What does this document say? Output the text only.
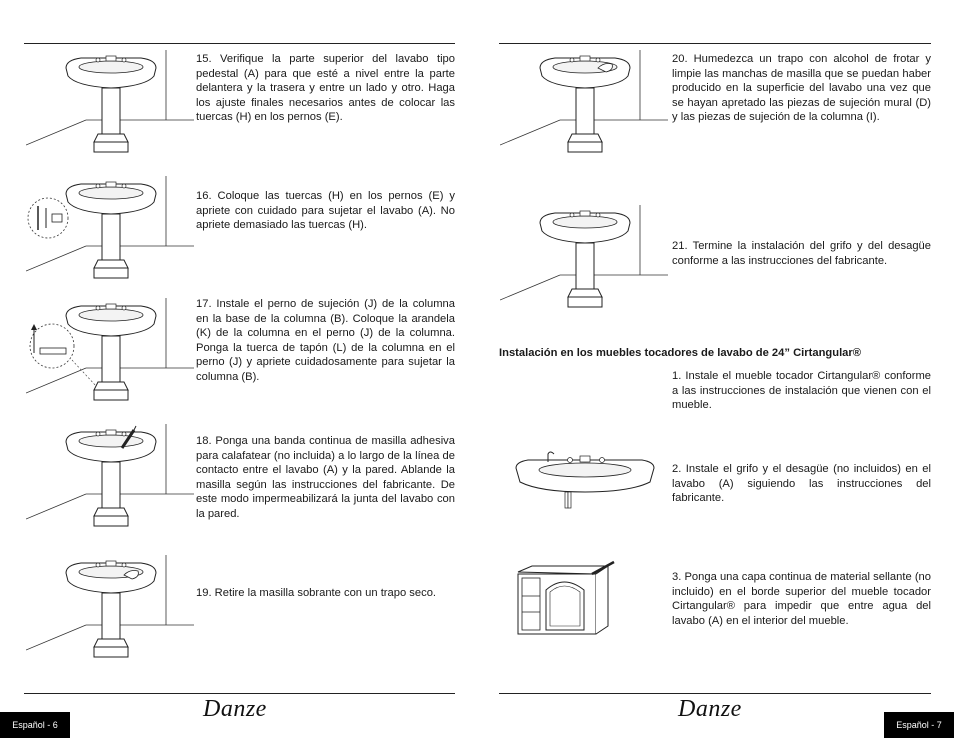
15. Verifique la parte superior del lavabo tipo pedestal (A) para que esté a nivel entre la parte delantera y la trasera y entre un lado y otro. Haga los ajuste finales necesarios antes de colocar las tuercas (H) en los pernos (E).
16. Coloque las tuercas (H) en los pernos (E) y apriete con cuidado para sujetar el lavabo (A). No apriete demasiado las tuercas (H).
17. Instale el perno de sujeción (J) de la columna en la base de la columna (B). Coloque la arandela (K) de la columna en el perno (J) de la columna. Ponga la tuerca de tapón (L) de la columna en el perno (J) y apriete cuidadosamente para sujetar la columna (B).
18. Ponga una banda continua de masilla adhesiva para calafatear (no incluida) a lo largo de la línea de contacto entre el lavabo (A) y la pared. Ablande la masilla según las instrucciones del fabricante. De este modo impermeabilizará la junta del lavabo con la pared.
19. Retire la masilla sobrante con un trapo seco.
20. Humedezca un trapo con alcohol de frotar y limpie las manchas de masilla que se puedan haber producido en la superficie del lavabo una vez que se hayan apretado las piezas de sujeción mural (D) y las piezas de sujeción de la columna (I).
21. Termine la instalación del grifo y del desagüe conforme a las instrucciones del fabricante.
Instalación en los muebles tocadores de lavabo de 24” Cirtangular®
1. Instale el mueble tocador Cirtangular® conforme a las instrucciones de instalación que vienen con el mueble.
2. Instale el grifo y el desagüe (no incluidos) en el lavabo (A) siguiendo las instrucciones del fabricante.
3. Ponga una capa continua de material sellante (no incluido) en el borde superior del mueble tocador Cirtangular® para impedir que entre agua del lavabo (A) en el interior del mueble.
Español - 6
Danze
Español - 7
Danze
